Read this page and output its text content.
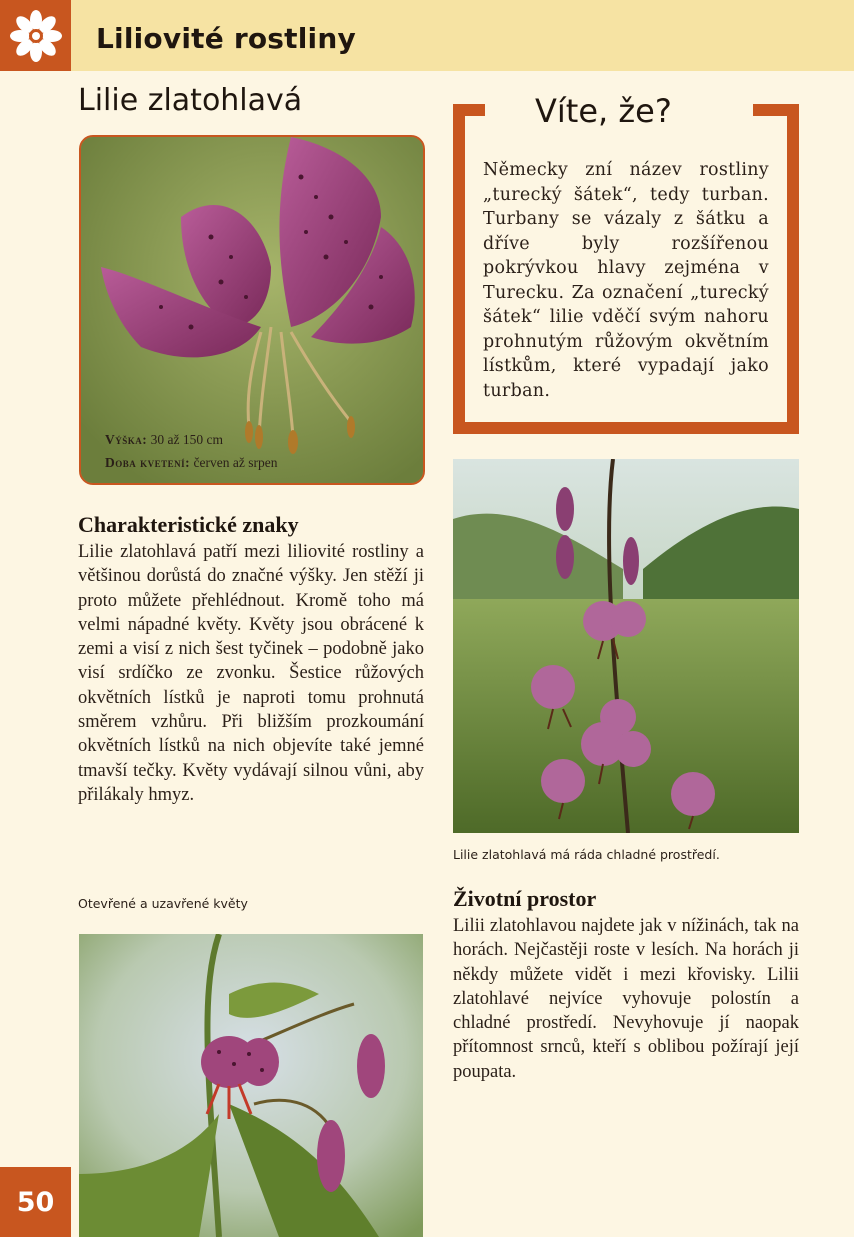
Liliovité rostliny
Lilie zlatohlavá
Výška: 30 až 150 cm
Doba kvetení: červen až srpen
Víte, že?
Německy zní název rostliny „turecký šátek“, tedy turban. Turbany se vázaly z šátku a dříve byly rozšířenou pokrývkou hlavy zejména v Turecku. Za označení „turecký šátek“ lilie vděčí svým nahoru prohnutým růžovým okvětním lístkům, které vypadají jako turban.
Charakteristické znaky
Lilie zlatohlavá patří mezi liliovité rostliny a většinou dorůstá do značné výšky. Jen stěží ji proto můžete přehlédnout. Kromě toho má velmi nápadné květy. Květy jsou obrácené k zemi a visí z nich šest tyčinek – podobně jako visí srdíčko ze zvonku. Šestice růžových okvětních lístků je naproti tomu prohnutá směrem vzhůru. Při bližším prozkoumání okvětních lístků na nich objevíte také jemné tmavší tečky. Květy vydávají silnou vůni, aby přilákaly hmyz.
Lilie zlatohlavá má ráda chladné prostředí.
Životní prostor
Lilii zlatohlavou najdete jak v nížinách, tak na horách. Nejčastěji roste v lesích. Na horách ji někdy můžete vidět i mezi křovisky. Lilii zlatohlavé nejvíce vyhovuje polostín a chladné prostředí. Nevyhovuje jí naopak přítomnost srnců, kteří s oblibou požírají její poupata.
Otevřené a uzavřené květy
50
